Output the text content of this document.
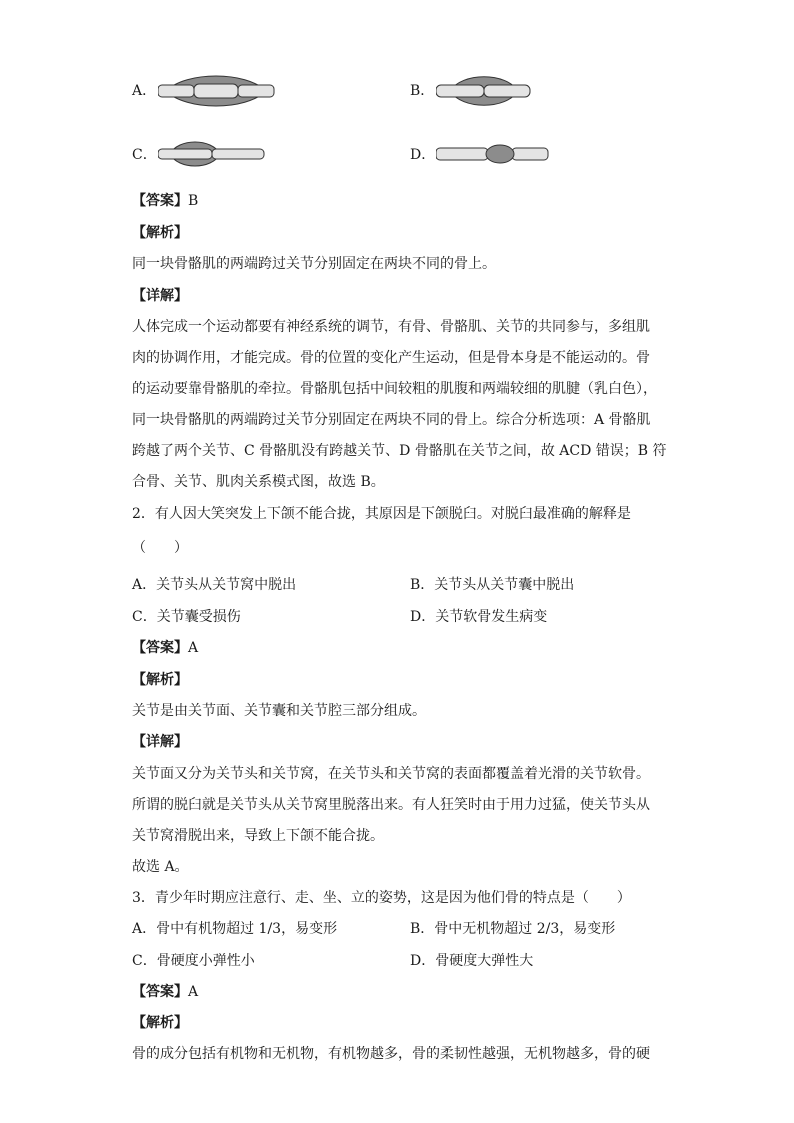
A．	B．
C．	D．
【答案】B
【解析】
同一块骨骼肌的两端跨过关节分别固定在两块不同的骨上。
【详解】
人体完成一个运动都要有神经系统的调节，有骨、骨骼肌、关节的共同参与，多组肌
肉的协调作用，才能完成。骨的位置的变化产生运动，但是骨本身是不能运动的。骨
的运动要靠骨骼肌的牵拉。骨骼肌包括中间较粗的肌腹和两端较细的肌腱（乳白色），
同一块骨骼肌的两端跨过关节分别固定在两块不同的骨上。综合分析选项：A 骨骼肌
跨越了两个关节、C 骨骼肌没有跨越关节、D 骨骼肌在关节之间，故 ACD 错误；B 符
合骨、关节、肌肉关系模式图，故选 B。
2．有人因大笑突发上下颌不能合拢，其原因是下颌脱臼。对脱臼最准确的解释是
（　　）
A．关节头从关节窝中脱出	B．关节头从关节囊中脱出
C．关节囊受损伤	D．关节软骨发生病变
【答案】A
【解析】
关节是由关节面、关节囊和关节腔三部分组成。
【详解】
关节面又分为关节头和关节窝，在关节头和关节窝的表面都覆盖着光滑的关节软骨。
所谓的脱臼就是关节头从关节窝里脱落出来。有人狂笑时由于用力过猛，使关节头从
关节窝滑脱出来，导致上下颌不能合拢。
故选 A。
3．青少年时期应注意行、走、坐、立的姿势，这是因为他们骨的特点是（　　）
A．骨中有机物超过 1/3，易变形	B．骨中无机物超过 2/3，易变形
C．骨硬度小弹性小	D．骨硬度大弹性大
【答案】A
【解析】
骨的成分包括有机物和无机物，有机物越多，骨的柔韧性越强，无机物越多，骨的硬
